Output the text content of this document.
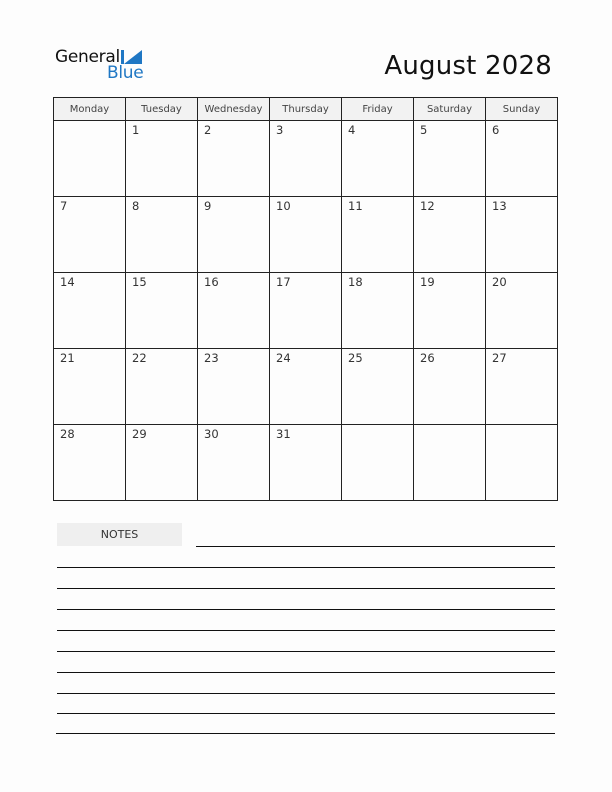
General
Blue	August 2028
Monday	Tuesday	Wednesday	Thursday	Friday	Saturday	Sunday

	1	2	3	4	5	6

7	8	9	10	11	12	13

14	15	16	17	18	19	20

21	22	23	24	25	26	27

28	29	30	31			

NOTES
